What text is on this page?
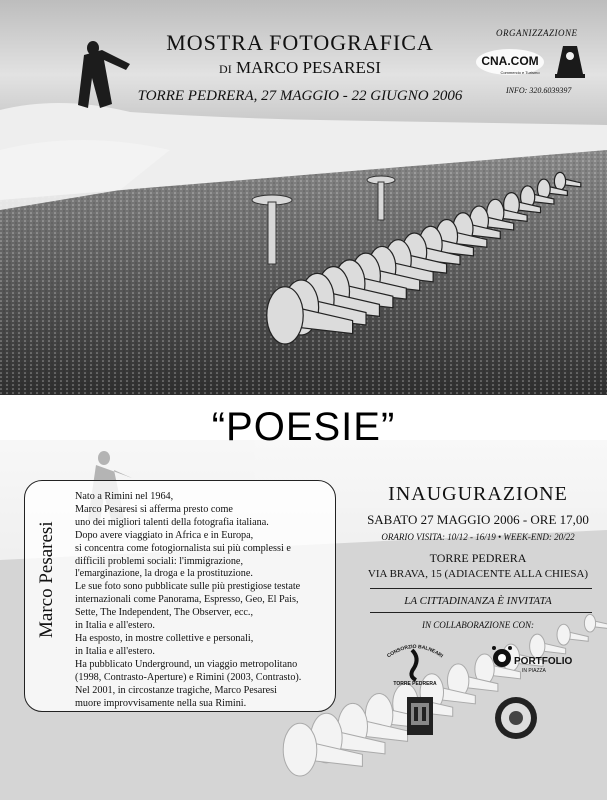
MOSTRA FOTOGRAFICA
DI MARCO PESARESI
TORRE PEDRERA, 27 MAGGIO - 22 GIUGNO 2006
ORGANIZZAZIONE
CNA.COM
Commercio e Turismo
INFO: 320.6039397
“POESIE”
Marco Pesaresi

Nato a Rimini nel 1964,

Marco Pesaresi si afferma presto come

uno dei migliori talenti della fotografia italiana.

Dopo avere viaggiato in Africa e in Europa,

si concentra come fotogiornalista sui più complessi e

difficili problemi sociali: l'immigrazione,

l'emarginazione, la droga e la prostituzione.

Le sue foto sono pubblicate sulle più prestigiose testate

internazionali come Panorama, Espresso, Geo, El Pais,

Sette, The Independent, The Observer, ecc.,

in Italia e all'estero.

Ha esposto, in mostre collettive e personali,

in Italia e all'estero.

Ha pubblicato Underground, un viaggio metropolitano

(1998, Contrasto-Aperture) e Rimini (2003, Contrasto).

Nel 2001, in circostanze tragiche, Marco Pesaresi

muore improvvisamente nella sua Rimini.

INAUGURAZIONE
SABATO 27 MAGGIO 2006 - ORE 17,00
ORARIO VISITA: 10/12 - 16/19 • WEEK-END: 20/22
TORRE PEDRERA
VIA BRAVA, 15 (ADIACENTE ALLA CHIESA)
LA CITTADINANZA È INVITATA
IN COLLABORAZIONE CON:
CONSORZIO BALNEARI
TORRE PEDRERA
PORTFOLIO
IN PIAZZA
